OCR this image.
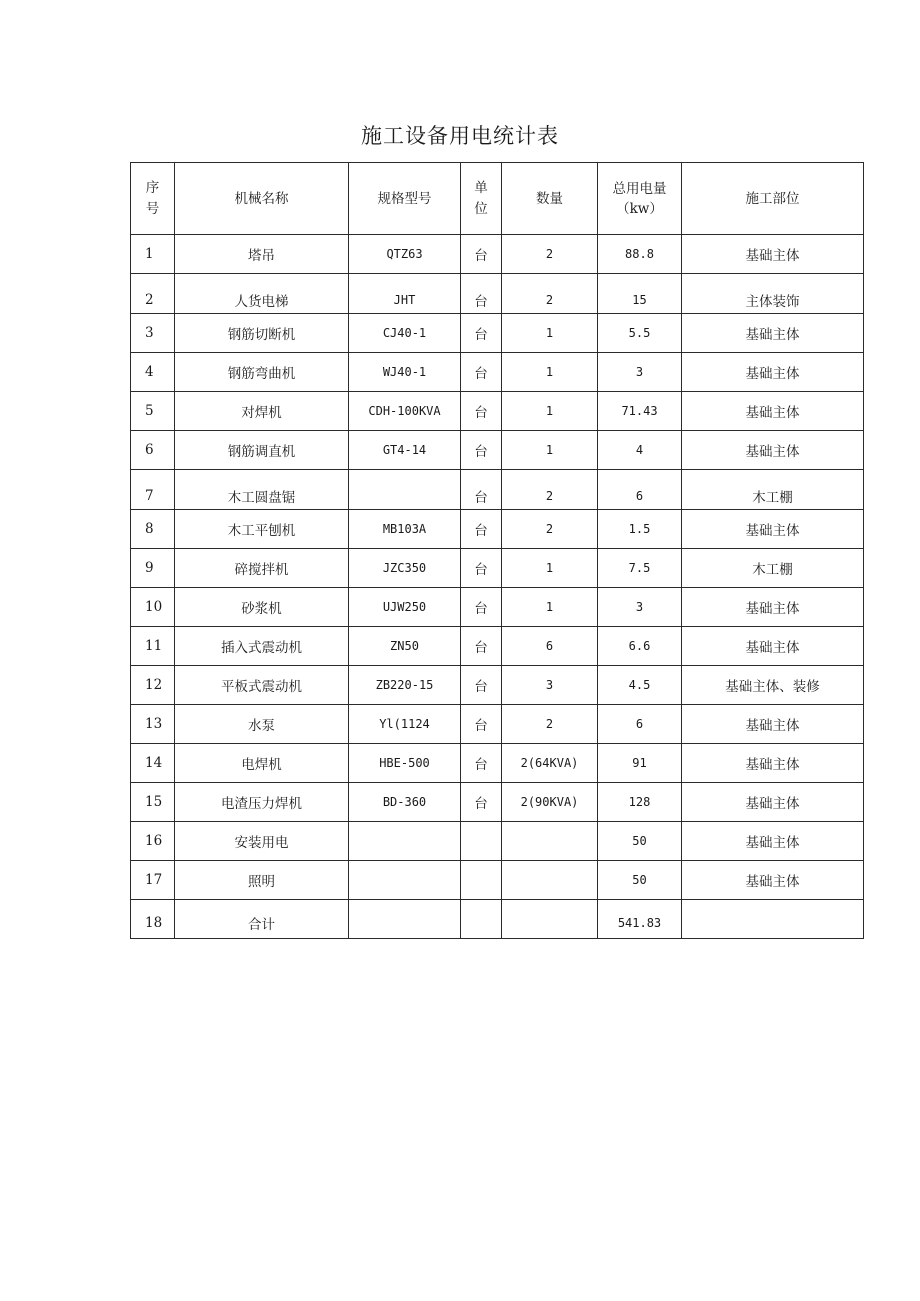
施工设备用电统计表
序号	机械名称	规格型号	单位	数量	总用电量（kw）	施工部位
1	塔吊	QTZ63	台	2	88.8	基础主体
2	人货电梯	JHT	台	2	15	主体装饰
3	钢筋切断机	CJ40-1	台	1	5.5	基础主体
4	钢筋弯曲机	WJ40-1	台	1	3	基础主体
5	对焊机	CDH-100KVA	台	1	71.43	基础主体
6	钢筋调直机	GT4-14	台	1	4	基础主体
7	木工圆盘锯		台	2	6	木工棚
8	木工平刨机	MB103A	台	2	1.5	基础主体
9	碎搅拌机	JZC350	台	1	7.5	木工棚
10	砂浆机	UJW250	台	1	3	基础主体
11	插入式震动机	ZN50	台	6	6.6	基础主体
12	平板式震动机	ZB220-15	台	3	4.5	基础主体、装修
13	水泵	Yl(1124	台	2	6	基础主体
14	电焊机	HBE-500	台	2(64KVA)	91	基础主体
15	电渣压力焊机	BD-360	台	2(90KVA)	128	基础主体
16	安装用电				50	基础主体
17	照明				50	基础主体
18	合计				541.83	
